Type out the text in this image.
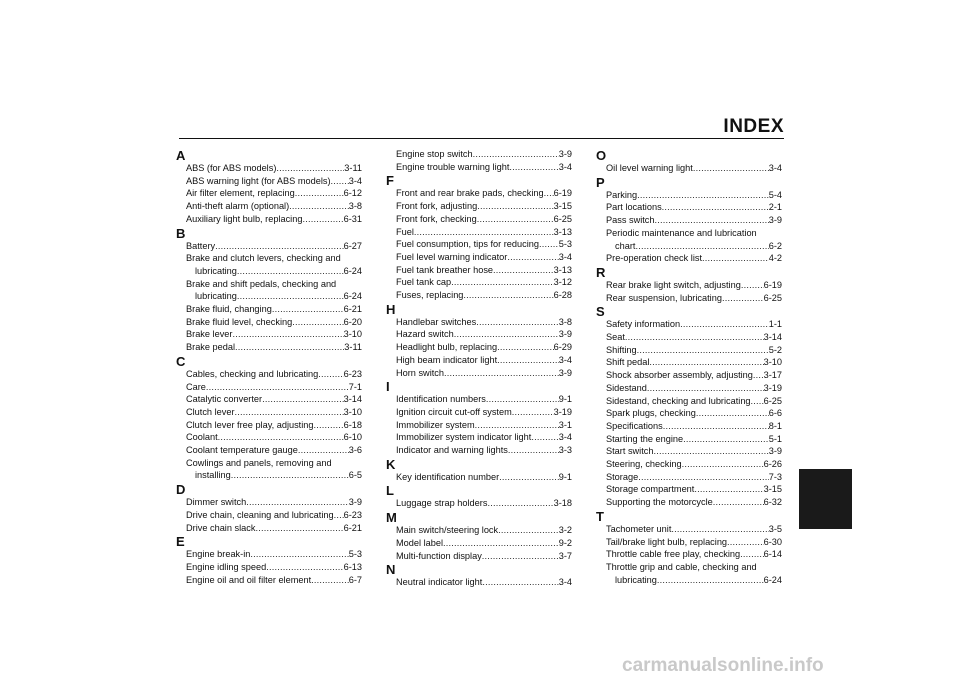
INDEX
A
ABS (for ABS models) .....	3-11
ABS warning light (for ABS models) ..... 3-4
Air filter element, replacing .....	6-12
Anti-theft alarm (optional) .....	3-8
Auxiliary light bulb, replacing .....	6-31
B
Battery .....	6-27
Brake and clutch levers, checking and
lubricating .....	6-24
Brake and shift pedals, checking and
lubricating .....	6-24
Brake fluid, changing .....	6-21
Brake fluid level, checking .....	6-20
Brake lever .....	3-10
Brake pedal .....	3-11
C
Cables, checking and lubricating .....	6-23
Care .....	7-1
Catalytic converter .....	3-14
Clutch lever .....	3-10
Clutch lever free play, adjusting .....	6-18
Coolant .....	6-10
Coolant temperature gauge .....	3-6
Cowlings and panels, removing and
installing .....	6-5
D
Dimmer switch .....	3-9
Drive chain, cleaning and lubricating ..... 6-23
Drive chain slack .....	6-21
E
Engine break-in .....	5-3
Engine idling speed .....	6-13
Engine oil and oil filter element .....	6-7
Engine stop switch .....	3-9
Engine trouble warning light .....	3-4
F
Front and rear brake pads, checking ..... 6-19
Front fork, adjusting .....	3-15
Front fork, checking .....	6-25
Fuel .....	3-13
Fuel consumption, tips for reducing ..... 5-3
Fuel level warning indicator .....	3-4
Fuel tank breather hose .....	3-13
Fuel tank cap .....	3-12
Fuses, replacing .....	6-28
H
Handlebar switches .....	3-8
Hazard switch .....	3-9
Headlight bulb, replacing .....	6-29
High beam indicator light .....	3-4
Horn switch .....	3-9
I
Identification numbers .....	9-1
Ignition circuit cut-off system .....	3-19
Immobilizer system .....	3-1
Immobilizer system indicator light .....	3-4
Indicator and warning lights .....	3-3
K
Key identification number .....	9-1
L
Luggage strap holders .....	3-18
M
Main switch/steering lock .....	3-2
Model label .....	9-2
Multi-function display .....	3-7
N
Neutral indicator light .....	3-4
O
Oil level warning light .....	3-4
P
Parking .....	5-4
Part locations .....	2-1
Pass switch .....	3-9
Periodic maintenance and lubrication
chart .....	6-2
Pre-operation check list .....	4-2
R
Rear brake light switch, adjusting ..... 6-19
Rear suspension, lubricating .....	6-25
S
Safety information .....	1-1
Seat .....	3-14
Shifting .....	5-2
Shift pedal .....	3-10
Shock absorber assembly, adjusting ..... 3-17
Sidestand .....	3-19
Sidestand, checking and lubricating ..... 6-25
Spark plugs, checking .....	6-6
Specifications .....	8-1
Starting the engine .....	5-1
Start switch .....	3-9
Steering, checking .....	6-26
Storage .....	7-3
Storage compartment .....	3-15
Supporting the motorcycle .....	6-32
T
Tachometer unit .....	3-5
Tail/brake light bulb, replacing .....	6-30
Throttle cable free play, checking .....	6-14
Throttle grip and cable, checking and
lubricating .....	6-24
carmanualsonline.info
